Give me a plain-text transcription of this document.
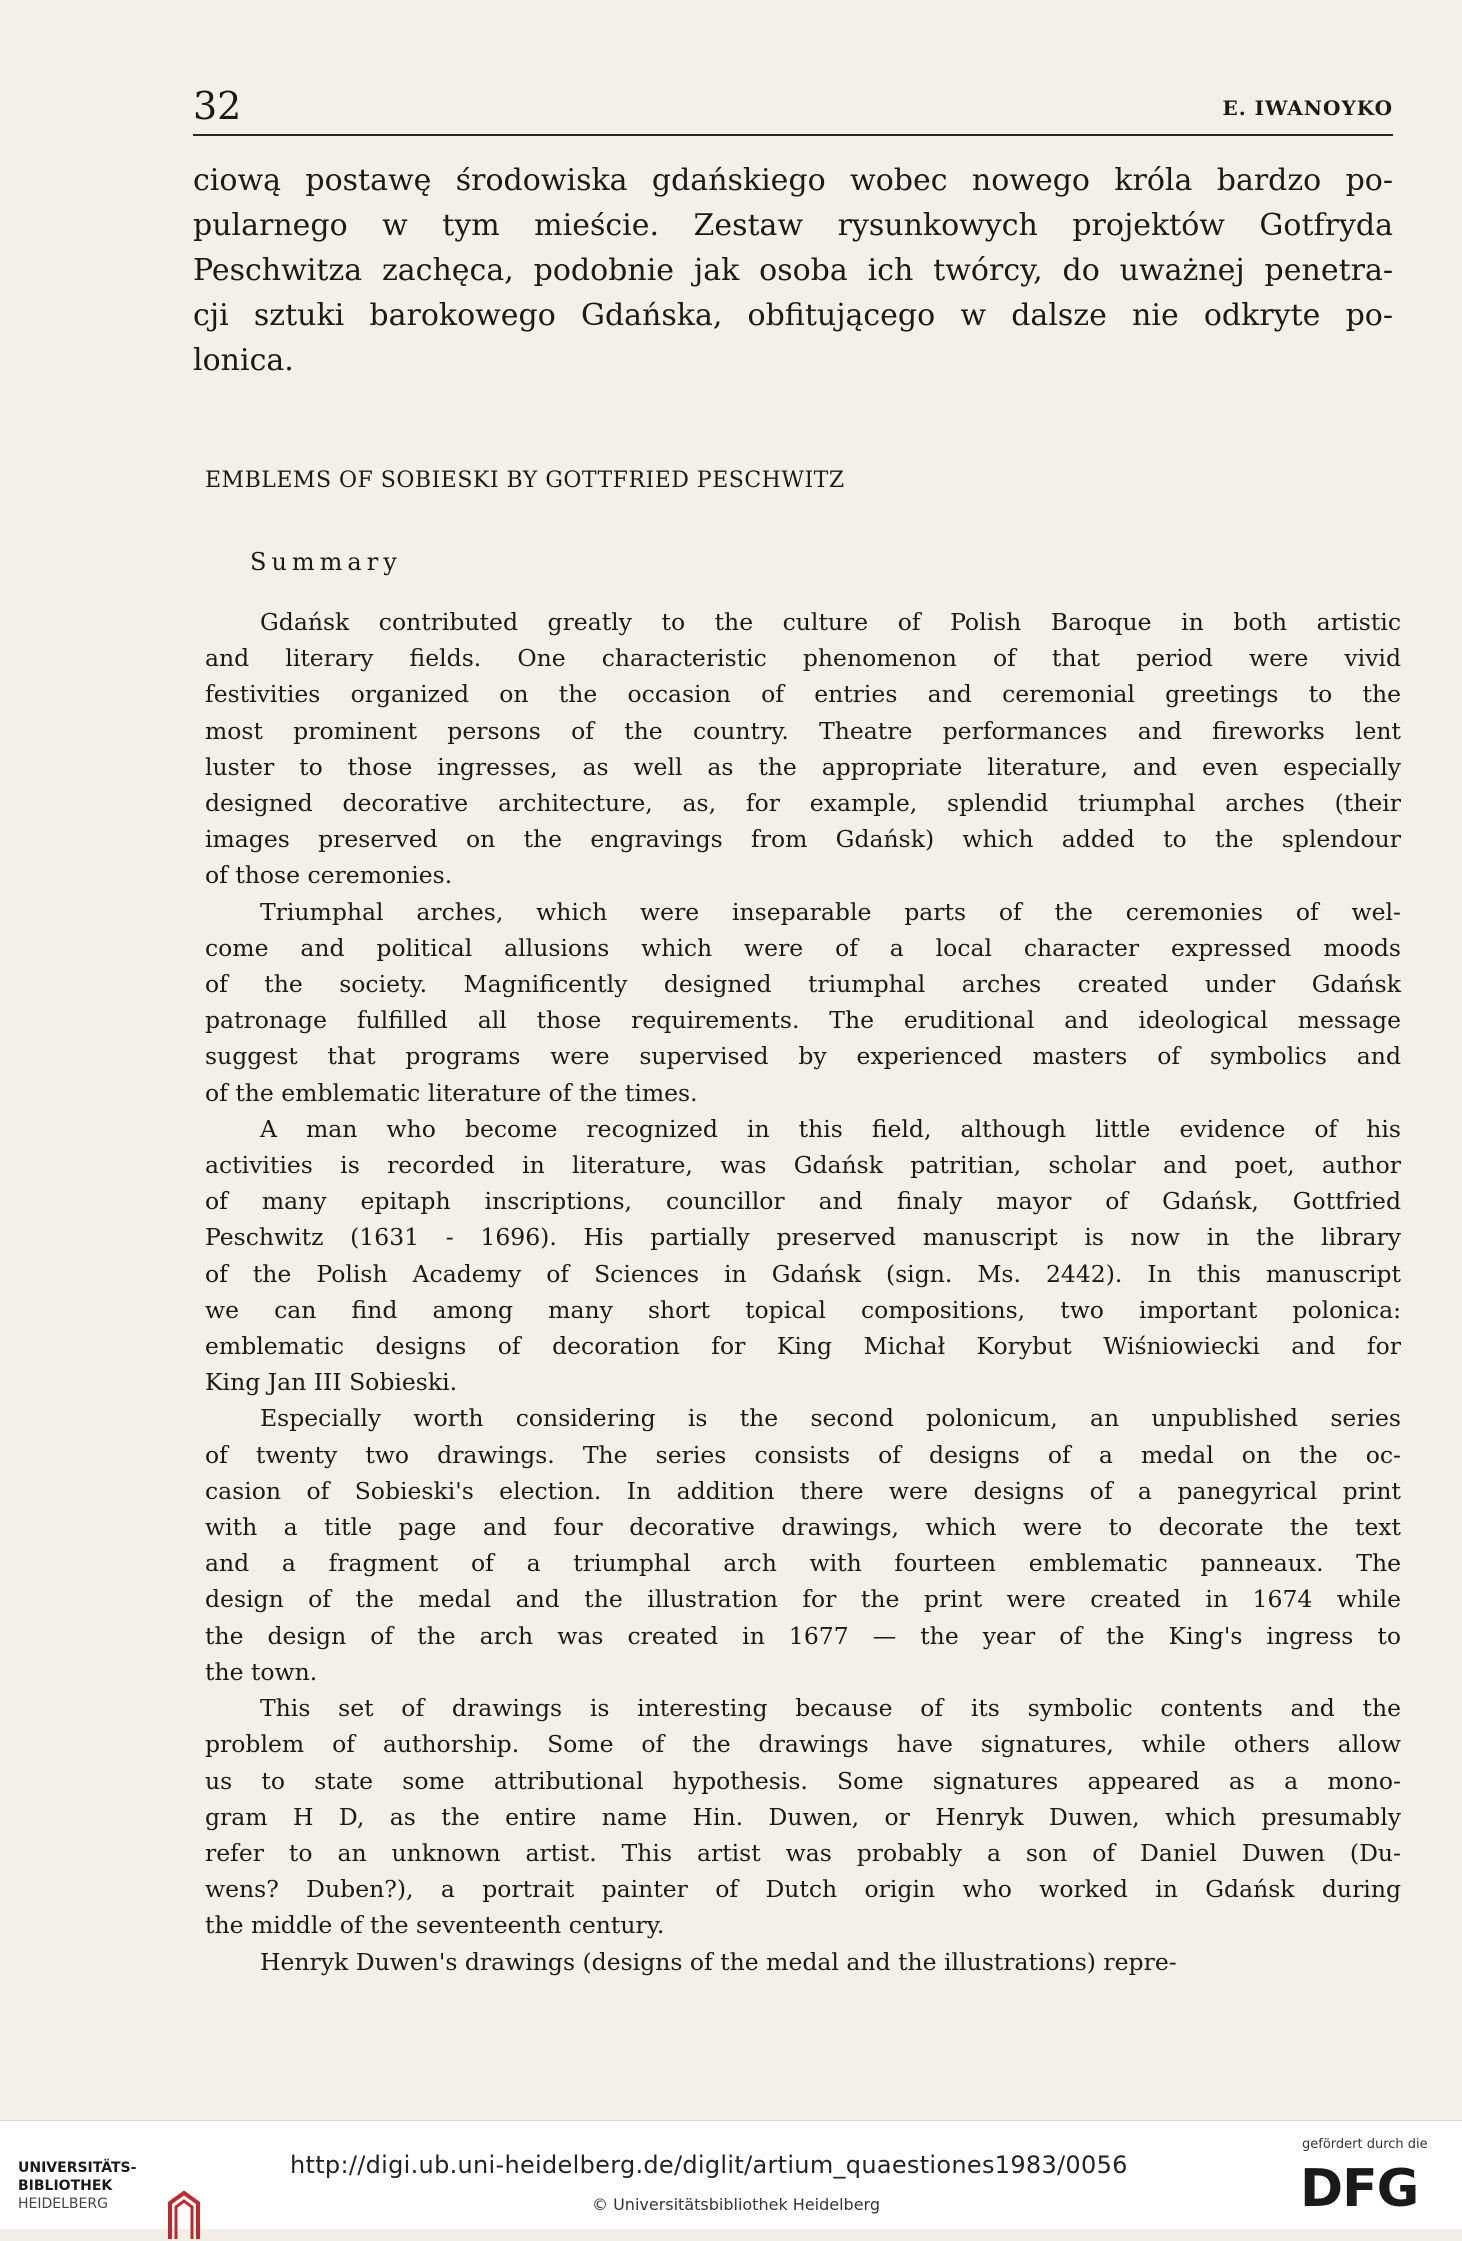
32	E. IWANOYKO
ciową postawę środowiska gdańskiego wobec nowego króla bardzo po-
pularnego w tym mieście. Zestaw rysunkowych projektów Gotfryda
Peschwitza zachęca, podobnie jak osoba ich twórcy, do uważnej penetra-
cji sztuki barokowego Gdańska, obfitującego w dalsze nie odkryte po-
lonica.
EMBLEMS OF SOBIESKI BY GOTTFRIED PESCHWITZ
Summary

Gdańsk contributed greatly to the culture of Polish Baroque in both artistic
and literary fields. One characteristic phenomenon of that period were vivid
festivities organized on the occasion of entries and ceremonial greetings to the
most prominent persons of the country. Theatre performances and fireworks lent
luster to those ingresses, as well as the appropriate literature, and even especially
designed decorative architecture, as, for example, splendid triumphal arches (their
images preserved on the engravings from Gdańsk) which added to the splendour
of those ceremonies.

Triumphal arches, which were inseparable parts of the ceremonies of wel-
come and political allusions which were of a local character expressed moods
of the society. Magnificently designed triumphal arches created under Gdańsk
patronage fulfilled all those requirements. The eruditional and ideological message
suggest that programs were supervised by experienced masters of symbolics and
of the emblematic literature of the times.

A man who become recognized in this field, although little evidence of his
activities is recorded in literature, was Gdańsk patritian, scholar and poet, author
of many epitaph inscriptions, councillor and finaly mayor of Gdańsk, Gottfried
Peschwitz (1631 - 1696). His partially preserved manuscript is now in the library
of the Polish Academy of Sciences in Gdańsk (sign. Ms. 2442). In this manuscript
we can find among many short topical compositions, two important polonica:
emblematic designs of decoration for King Michał Korybut Wiśniowiecki and for
King Jan III Sobieski.

Especially worth considering is the second polonicum, an unpublished series
of twenty two drawings. The series consists of designs of a medal on the oc-
casion of Sobieski's election. In addition there were designs of a panegyrical print
with a title page and four decorative drawings, which were to decorate the text
and a fragment of a triumphal arch with fourteen emblematic panneaux. The
design of the medal and the illustration for the print were created in 1674 while
the design of the arch was created in 1677 — the year of the King's ingress to
the town.

This set of drawings is interesting because of its symbolic contents and the
problem of authorship. Some of the drawings have signatures, while others allow
us to state some attributional hypothesis. Some signatures appeared as a mono-
gram H D, as the entire name Hin. Duwen, or Henryk Duwen, which presumably
refer to an unknown artist. This artist was probably a son of Daniel Duwen (Du-
wens? Duben?), a portrait painter of Dutch origin who worked in Gdańsk during
the middle of the seventeenth century.

Henryk Duwen's drawings (designs of the medal and the illustrations) repre-

UNIVERSITÄTS-
BIBLIOTHEK
HEIDELBERG
http://digi.ub.uni-heidelberg.de/diglit/artium_quaestiones1983/0056
© Universitätsbibliothek Heidelberg
gefördert durch die
DFG
